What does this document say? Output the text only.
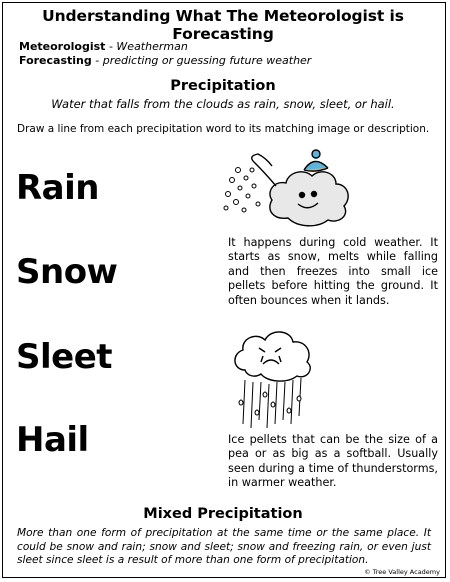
Understanding What The Meteorologist is Forecasting
Meteorologist - Weatherman
Forecasting - predicting or guessing future weather
Precipitation
Water that falls from the clouds as rain, snow, sleet, or hail.
Draw a line from each precipitation word to its matching image or description.
Rain
Snow
Sleet
Hail
It happens during cold weather. It starts as snow, melts while falling and then freezes into small ice pellets before hitting the ground. It often bounces when it lands.
Ice pellets that can be the size of a pea or as big as a softball. Usually seen during a time of thunderstorms, in warmer weather.
Mixed Precipitation
More than one form of precipitation at the same time or the same place. It could be snow and rain; snow and sleet; snow and freezing rain, or even just sleet since sleet is a result of more than one form of precipitation.
© Tree Valley Academy
